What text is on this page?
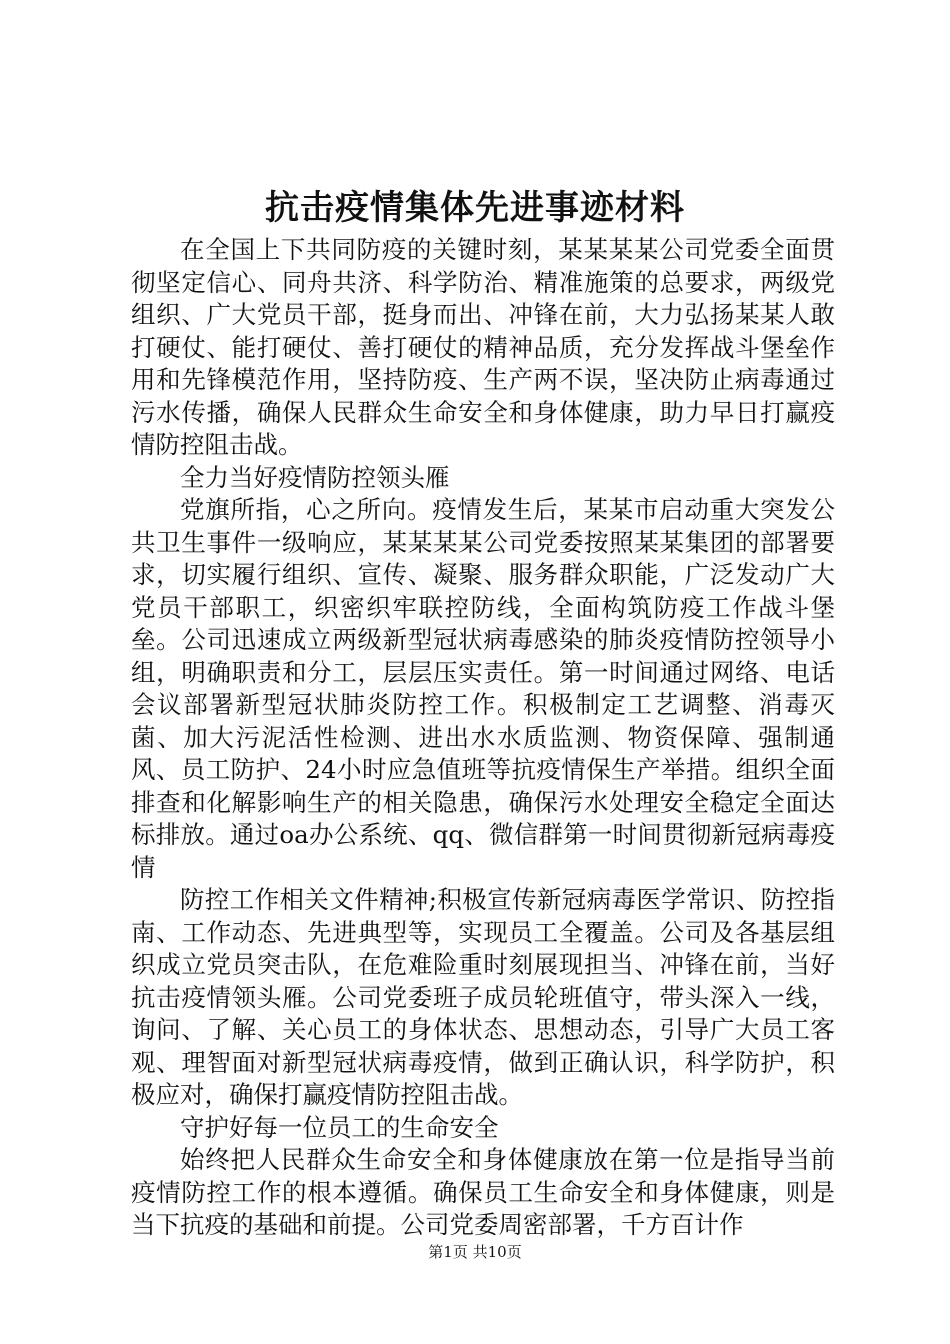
抗击疫情集体先进事迹材料

在全国上下共同防疫的关键时刻，某某某某公司党委全面贯彻坚定信心、同舟共济、科学防治、精准施策的总要求，两级党组织、广大党员干部，挺身而出、冲锋在前，大力弘扬某某人敢打硬仗、能打硬仗、善打硬仗的精神品质，充分发挥战斗堡垒作用和先锋模范作用，坚持防疫、生产两不误，坚决防止病毒通过污水传播，确保人民群众生命安全和身体健康，助力早日打赢疫情防控阻击战。

全力当好疫情防控领头雁

党旗所指，心之所向。疫情发生后，某某市启动重大突发公共卫生事件一级响应，某某某某公司党委按照某某集团的部署要求，切实履行组织、宣传、凝聚、服务群众职能，广泛发动广大党员干部职工，织密织牢联控防线，全面构筑防疫工作战斗堡垒。公司迅速成立两级新型冠状病毒感染的肺炎疫情防控领导小组，明确职责和分工，层层压实责任。第一时间通过网络、电话会议部署新型冠状肺炎防控工作。积极制定工艺调整、消毒灭菌、加大污泥活性检测、进出水水质监测、物资保障、强制通风、员工防护、24小时应急值班等抗疫情保生产举措。组织全面排查和化解影响生产的相关隐患，确保污水处理安全稳定全面达标排放。通过oa办公系统、qq、微信群第一时间贯彻新冠病毒疫情

防控工作相关文件精神;积极宣传新冠病毒医学常识、防控指南、工作动态、先进典型等，实现员工全覆盖。公司及各基层组织成立党员突击队，在危难险重时刻展现担当、冲锋在前，当好抗击疫情领头雁。公司党委班子成员轮班值守，带头深入一线，询问、了解、关心员工的身体状态、思想动态，引导广大员工客观、理智面对新型冠状病毒疫情，做到正确认识，科学防护，积极应对，确保打赢疫情防控阻击战。

守护好每一位员工的生命安全

始终把人民群众生命安全和身体健康放在第一位是指导当前疫情防控工作的根本遵循。确保员工生命安全和身体健康，则是当下抗疫的基础和前提。公司党委周密部署，千方百计作

第1页 共10页
